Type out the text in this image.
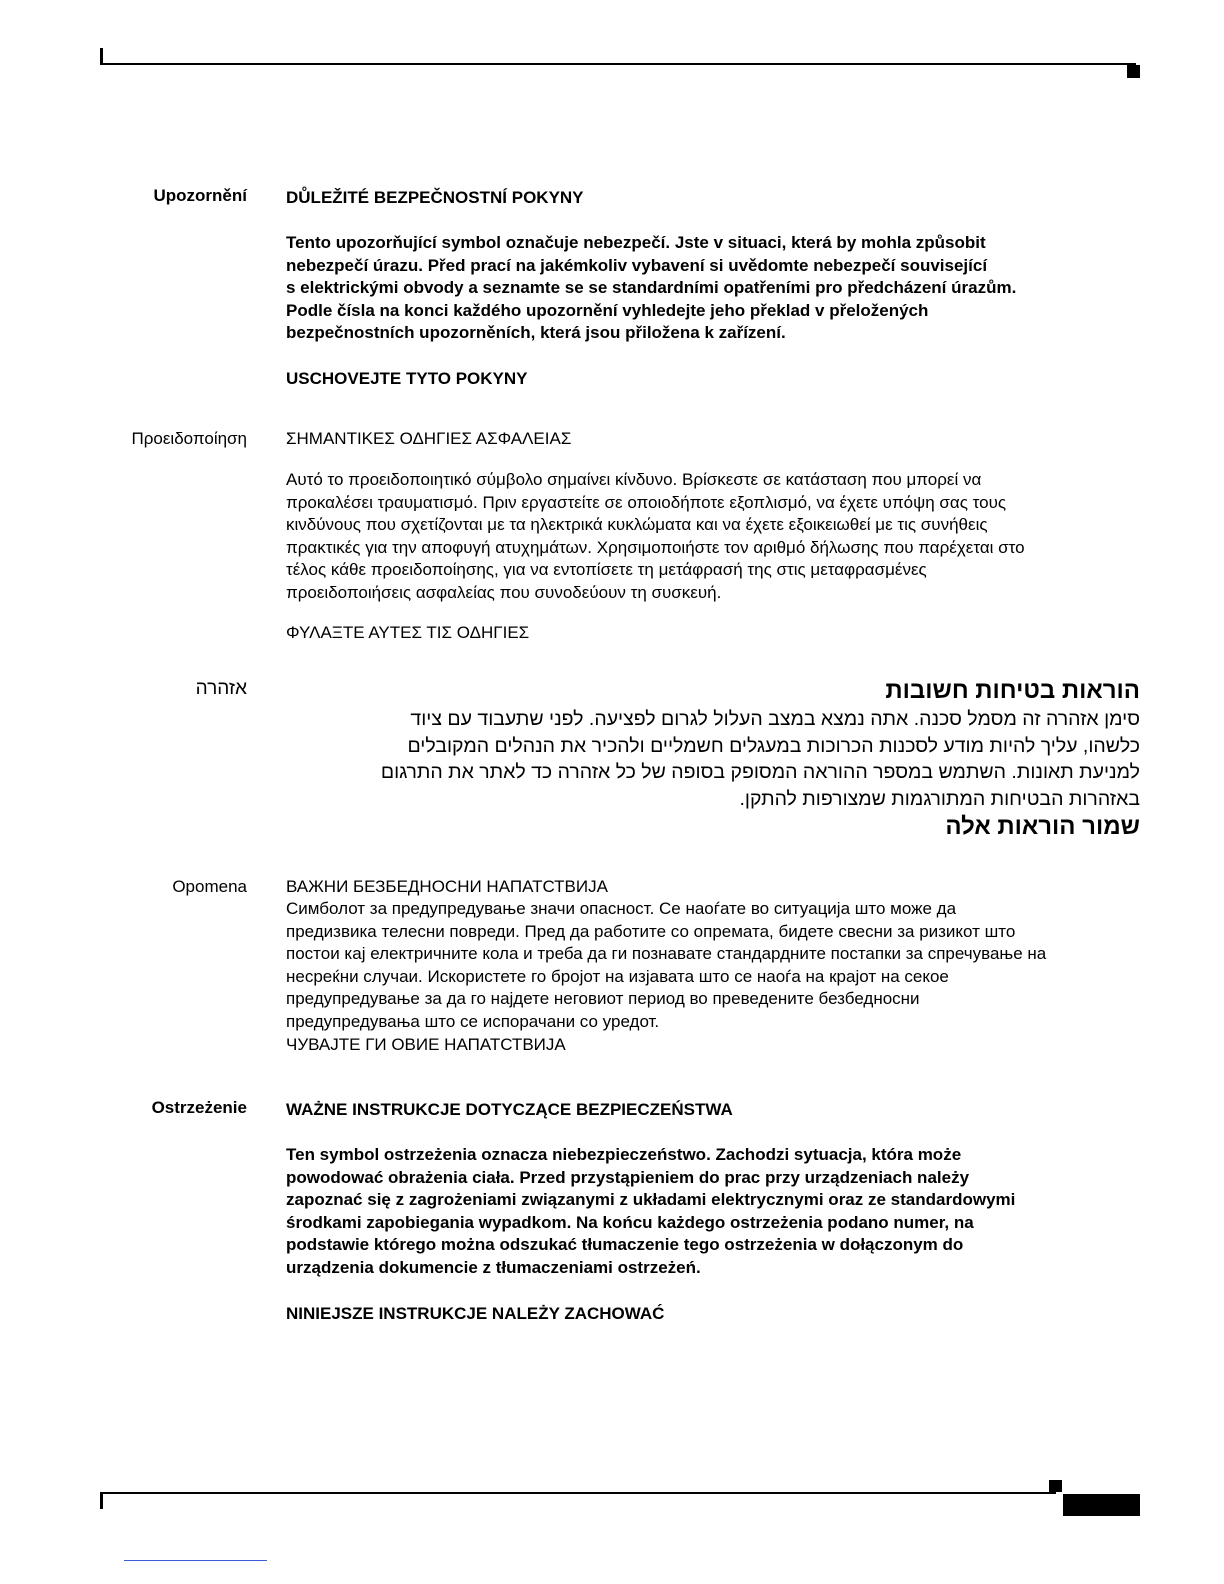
Upozornění DŮLEŽITÉ BEZPEČNOSTNÍ POKYNY

Tento upozorňující symbol označuje nebezpečí. Jste v situaci, která by mohla způsobit
nebezpečí úrazu. Před prací na jakémkoliv vybavení si uvědomte nebezpečí související
s elektrickými obvody a seznamte se se standardními opatřeními pro předcházení úrazům.
Podle čísla na konci každého upozornění vyhledejte jeho překlad v přeložených
bezpečnostních upozorněních, která jsou přiložena k zařízení.

USCHOVEJTE TYTO POKYNY
Προειδοποίηση ΣΗΜΑΝΤΙΚΕΣ ΟΔΗΓΙΕΣ ΑΣΦΑΛΕΙΑΣ

Αυτό το προειδοποιητικό σύμβολο σημαίνει κίνδυνο. Βρίσκεστε σε κατάσταση που μπορεί να
προκαλέσει τραυματισμό. Πριν εργαστείτε σε οποιοδήποτε εξοπλισμό, να έχετε υπόψη σας τους
κινδύνους που σχετίζονται με τα ηλεκτρικά κυκλώματα και να έχετε εξοικειωθεί με τις συνήθεις
πρακτικές για την αποφυγή ατυχημάτων. Χρησιμοποιήστε τον αριθμό δήλωσης που παρέχεται στο
τέλος κάθε προειδοποίησης, για να εντοπίσετε τη μετάφρασή της στις μεταφρασμένες
προειδοποιήσεις ασφαλείας που συνοδεύουν τη συσκευή.

ΦΥΛΑΞΤΕ ΑΥΤΕΣ ΤΙΣ ΟΔΗΓΙΕΣ
אזהרה	הוראות בטיחות חשובות

סימן אזהרה זה מסמל סכנה. אתה נמצא במצב העלול לגרום לפציעה. לפני שתעבוד עם ציוד
כלשהו, עליך להיות מודע לסכנות הכרוכות במעגלים חשמליים ולהכיר את הנהלים המקובלים
למניעת תאונות. השתמש במספר ההוראה המסופק בסופה של כל אזהרה כד לאתר את התרגום
באזהרות הבטיחות המתורגמות שמצורפות להתקן.

שמור הוראות אלה
Opomena ВАЖНИ БЕЗБЕДНОСНИ НАПАТСТВИЈА

Симболот за предупредување значи опасност. Се наоѓате во ситуација што може да
предизвика телесни повреди. Пред да работите со опремата, бидете свесни за ризикот што
постои кај електричните кола и треба да ги познавате стандардните постапки за спречување на
несреќни случаи. Искористете го бројот на изјавата што се наоѓа на крајот на секое
предупредување за да го најдете неговиот период во преведените безбедносни
предупредувања што се испорачани со уредот.

ЧУВАЈТЕ ГИ ОВИЕ НАПАТСТВИЈА
Ostrzeżenie WAŻNE INSTRUKCJE DOTYCZĄCE BEZPIECZEŃSTWA

Ten symbol ostrzeżenia oznacza niebezpieczeństwo. Zachodzi sytuacja, która może
powodować obrażenia ciała. Przed przystąpieniem do prac przy urządzeniach należy
zapoznać się z zagrożeniami związanymi z układami elektrycznymi oraz ze standardowymi
środkami zapobiegania wypadkom. Na końcu każdego ostrzeżenia podano numer, na
podstawie którego można odszukać tłumaczenie tego ostrzeżenia w dołączonym do
urządzenia dokumencie z tłumaczeniami ostrzeżeń.

NINIEJSZE INSTRUKCJE NALEŻY ZACHOWAĆ
